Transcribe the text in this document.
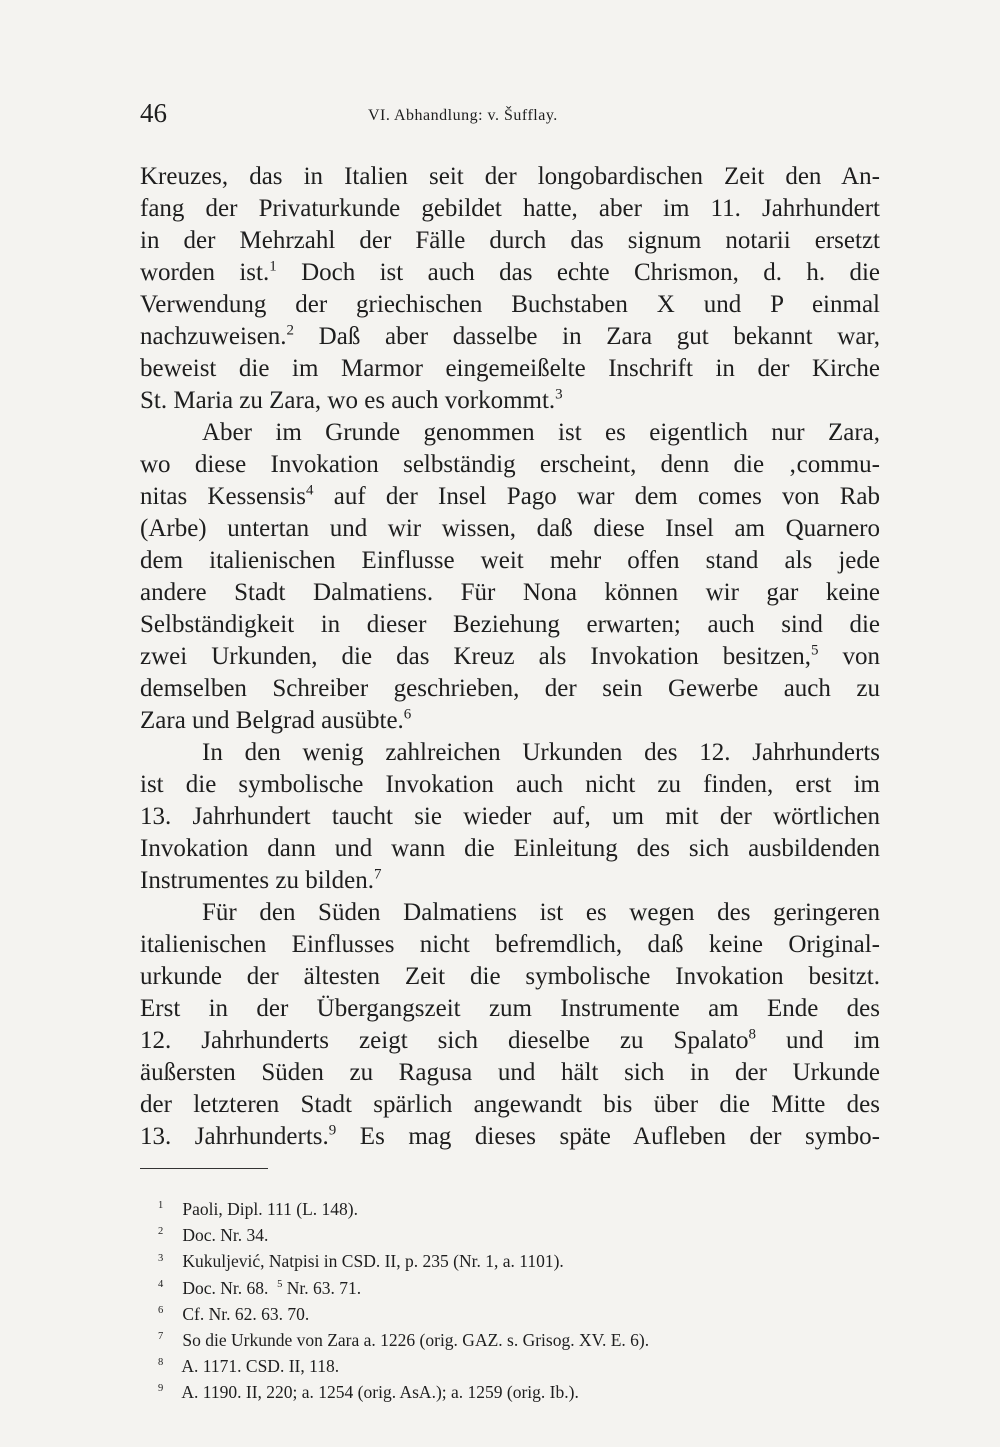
46	VI. Abhandlung: v. Šufflay.
Kreuzes, das in Italien seit der longobardischen Zeit den An-
fang der Privaturkunde gebildet hatte, aber im 11. Jahrhundert
in der Mehrzahl der Fälle durch das signum notarii ersetzt
worden ist.$^1$ Doch ist auch das echte Chrismon, d. h. die
Verwendung der griechischen Buchstaben X und P einmal
nachzuweisen.$^2$ Daß aber dasselbe in Zara gut bekannt war,
beweist die im Marmor eingemeißelte Inschrift in der Kirche
St. Maria zu Zara, wo es auch vorkommt.$^3$
Aber im Grunde genommen ist es eigentlich nur Zara,
wo diese Invokation selbständig erscheint, denn die ‚commu-
nitas Kessensis$^4$ auf der Insel Pago war dem comes von Rab
(Arbe) untertan und wir wissen, daß diese Insel am Quarnero
dem italienischen Einflusse weit mehr offen stand als jede
andere Stadt Dalmatiens. Für Nona können wir gar keine
Selbständigkeit in dieser Beziehung erwarten; auch sind die
zwei Urkunden, die das Kreuz als Invokation besitzen,$^5$ von
demselben Schreiber geschrieben, der sein Gewerbe auch zu
Zara und Belgrad ausübte.$^6$
In den wenig zahlreichen Urkunden des 12. Jahrhunderts
ist die symbolische Invokation auch nicht zu finden, erst im
13. Jahrhundert taucht sie wieder auf, um mit der wörtlichen
Invokation dann und wann die Einleitung des sich ausbildenden
Instrumentes zu bilden.$^7$
Für den Süden Dalmatiens ist es wegen des geringeren
italienischen Einflusses nicht befremdlich, daß keine Original-
urkunde der ältesten Zeit die symbolische Invokation besitzt.
Erst in der Übergangszeit zum Instrumente am Ende des
12. Jahrhunderts zeigt sich dieselbe zu Spalato$^8$ und im
äußersten Süden zu Ragusa und hält sich in der Urkunde
der letzteren Stadt spärlich angewandt bis über die Mitte des
13. Jahrhunderts.$^9$ Es mag dieses späte Aufleben der symbo-
$^1$ Paoli, Dipl. 111 (L. 148).
$^2$ Doc. Nr. 34.
$^3$ Kukuljević, Natpisi in CSD. II, p. 235 (Nr. 1, a. 1101).
$^4$ Doc. Nr. 68. $^5$ Nr. 63. 71.
$^6$ Cf. Nr. 62. 63. 70.
$^7$ So die Urkunde von Zara a. 1226 (orig. GAZ. s. Grisog. XV. E. 6).
$^8$ A. 1171. CSD. II, 118.
$^9$ A. 1190. II, 220; a. 1254 (orig. AsA.); a. 1259 (orig. Ib.).
